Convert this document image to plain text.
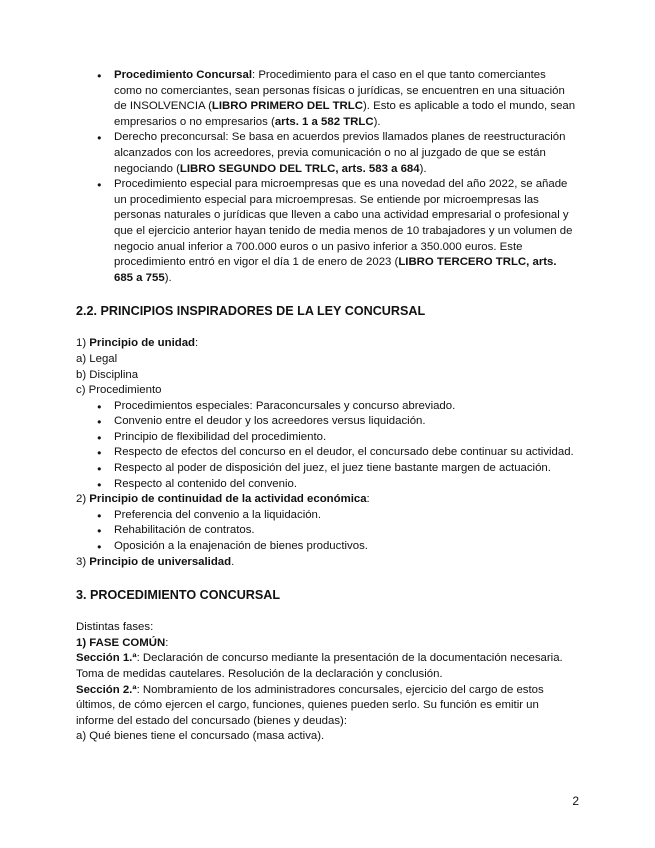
● Procedimiento Concursal: Procedimiento para el caso en el que tanto comerciantes como no comerciantes, sean personas físicas o jurídicas, se encuentren en una situación de INSOLVENCIA (LIBRO PRIMERO DEL TRLC). Esto es aplicable a todo el mundo, sean empresarios o no empresarios (arts. 1 a 582 TRLC).
● Derecho preconcursal: Se basa en acuerdos previos llamados planes de reestructuración alcanzados con los acreedores, previa comunicación o no al juzgado de que se están negociando (LIBRO SEGUNDO DEL TRLC, arts. 583 a 684).
● Procedimiento especial para microempresas que es una novedad del año 2022, se añade un procedimiento especial para microempresas. Se entiende por microempresas las personas naturales o jurídicas que lleven a cabo una actividad empresarial o profesional y que el ejercicio anterior hayan tenido de media menos de 10 trabajadores y un volumen de negocio anual inferior a 700.000 euros o un pasivo inferior a 350.000 euros. Este procedimiento entró en vigor el día 1 de enero de 2023 (LIBRO TERCERO TRLC, arts. 685 a 755).
2.2. PRINCIPIOS INSPIRADORES DE LA LEY CONCURSAL
1) Principio de unidad:
a) Legal
b) Disciplina
c) Procedimiento
● Procedimientos especiales: Paraconcursales y concurso abreviado.
● Convenio entre el deudor y los acreedores versus liquidación.
● Principio de flexibilidad del procedimiento.
● Respecto de efectos del concurso en el deudor, el concursado debe continuar su actividad.
● Respecto al poder de disposición del juez, el juez tiene bastante margen de actuación.
● Respecto al contenido del convenio.
2) Principio de continuidad de la actividad económica:
● Preferencia del convenio a la liquidación.
● Rehabilitación de contratos.
● Oposición a la enajenación de bienes productivos.
3) Principio de universalidad.
3. PROCEDIMIENTO CONCURSAL
Distintas fases:
1) FASE COMÚN:
Sección 1.ª: Declaración de concurso mediante la presentación de la documentación necesaria. Toma de medidas cautelares. Resolución de la declaración y conclusión.
Sección 2.ª: Nombramiento de los administradores concursales, ejercicio del cargo de estos últimos, de cómo ejercen el cargo, funciones, quienes pueden serlo. Su función es emitir un informe del estado del concursado (bienes y deudas):
a) Qué bienes tiene el concursado (masa activa).
2
